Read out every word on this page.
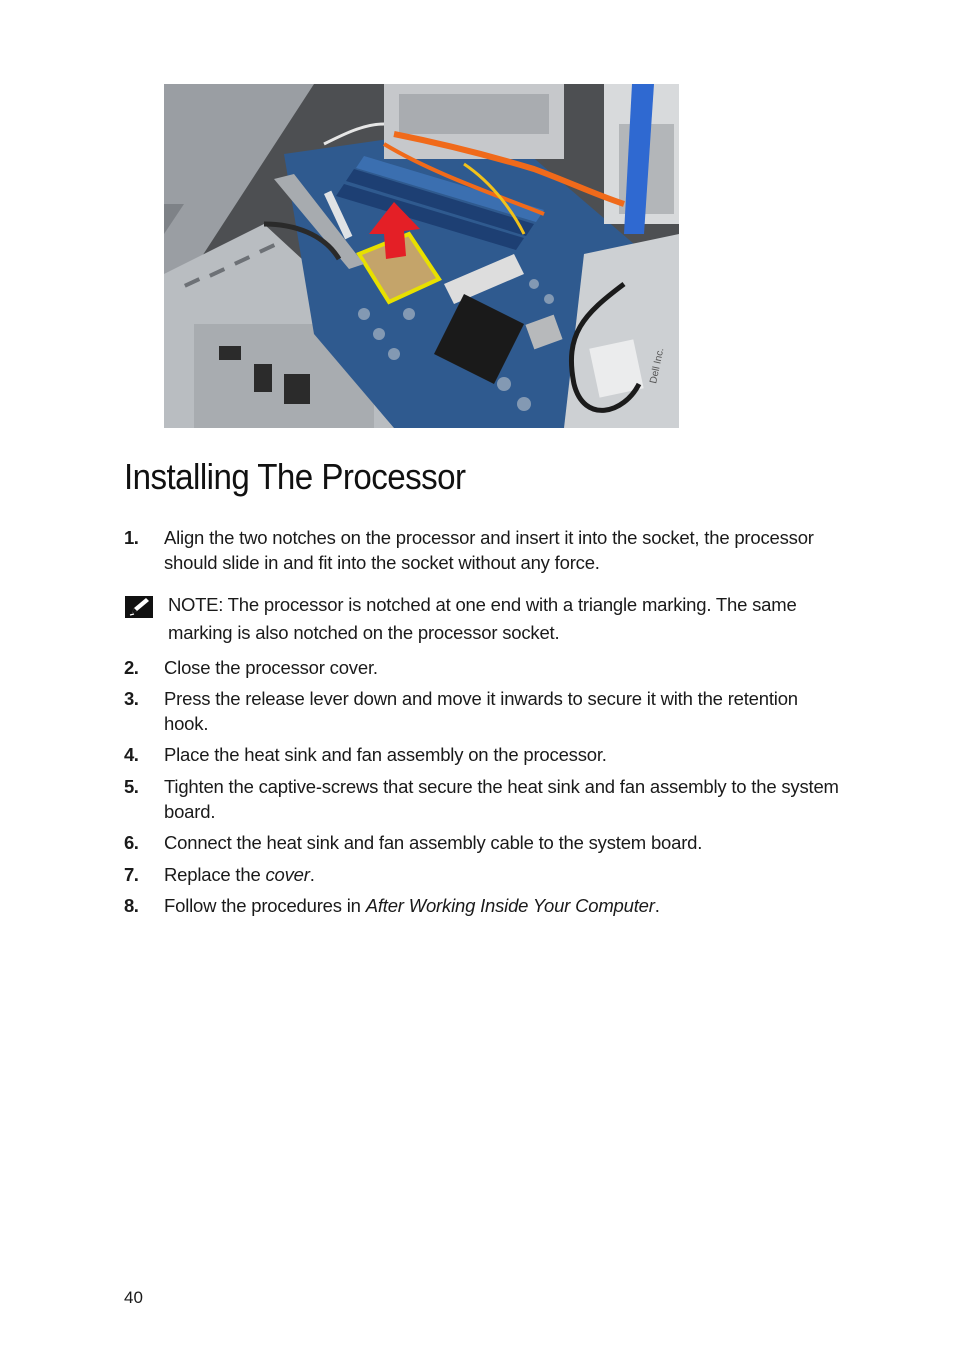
Dell Inc.
Installing The Processor
1. Align the two notches on the processor and insert it into the socket, the processor should slide in and fit into the socket without any force.
NOTE: The processor is notched at one end with a triangle marking. The same marking is also notched on the processor socket.
2. Close the processor cover.
3. Press the release lever down and move it inwards to secure it with the retention hook.
4. Place the heat sink and fan assembly on the processor.
5. Tighten the captive-screws that secure the heat sink and fan assembly to the system board.
6. Connect the heat sink and fan assembly cable to the system board.
7. Replace the cover.
8. Follow the procedures in After Working Inside Your Computer.
40
